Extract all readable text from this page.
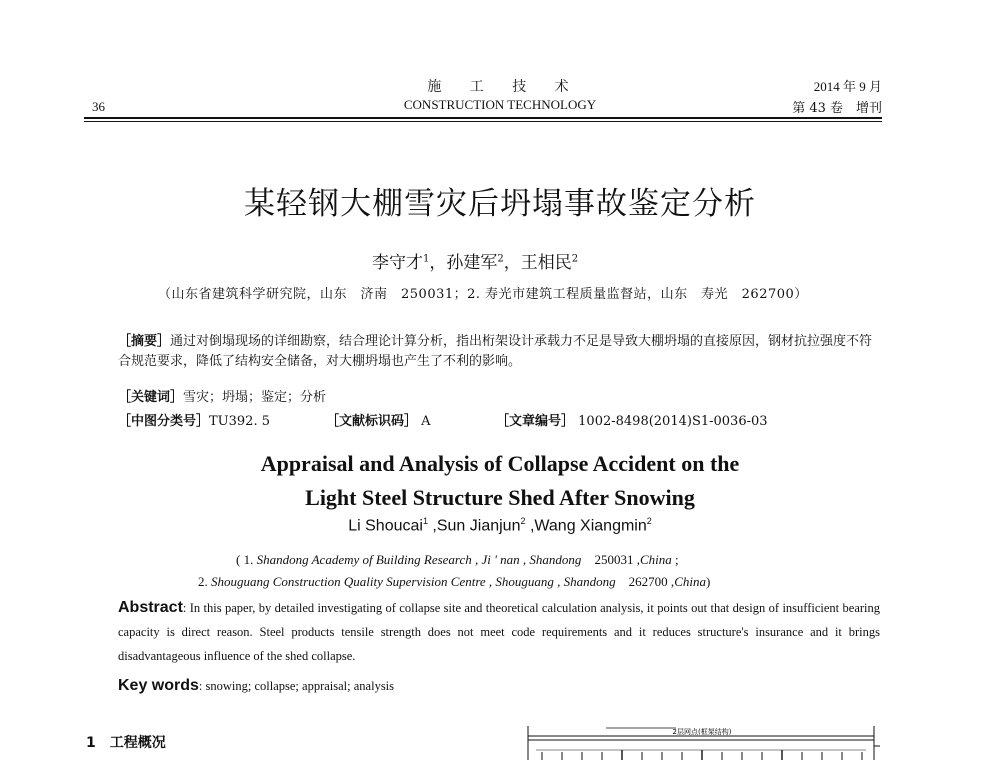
36
施 工 技 术
CONSTRUCTION TECHNOLOGY
2014 年 9 月
第 43 卷　增刊
某轻钢大棚雪灾后坍塌事故鉴定分析
李守才$^1$，孙建军$^2$，王相民$^2$
（山东省建筑科学研究院，山东　济南　250031；2. 寿光市建筑工程质量监督站，山东　寿光　262700）
［摘要］通过对倒塌现场的详细勘察，结合理论计算分析，指出桁架设计承载力不足是导致大棚坍塌的直接原因，钢材抗拉强度不符合规范要求，降低了结构安全储备，对大棚坍塌也产生了不利的影响。
［关键词］雪灾；坍塌；鉴定；分析
［中图分类号］TU392. 5	［文献标识码］ A	［文章编号］ 1002-8498(2014)S1-0036-03
Appraisal and Analysis of Collapse Accident on the
Light Steel Structure Shed After Snowing
Li Shoucai$^1$ ,Sun Jianjun$^2$ ,Wang Xiangmin$^2$
( 1. Shandong Academy of Building Research , Ji ' nan , Shandong　250031 ,China ;
2. Shouguang Construction Quality Supervision Centre , Shouguang , Shandong　262700 ,China)
Abstract: In this paper, by detailed investigating of collapse site and theoretical calculation analysis, it points out that design of insufficient bearing capacity is direct reason. Steel products tensile strength does not meet code requirements and it reduces structure's insurance and it brings disadvantageous influence of the shed collapse.
Key words: snowing; collapse; appraisal; analysis
1　工程概况
2层网点(框架结构)
